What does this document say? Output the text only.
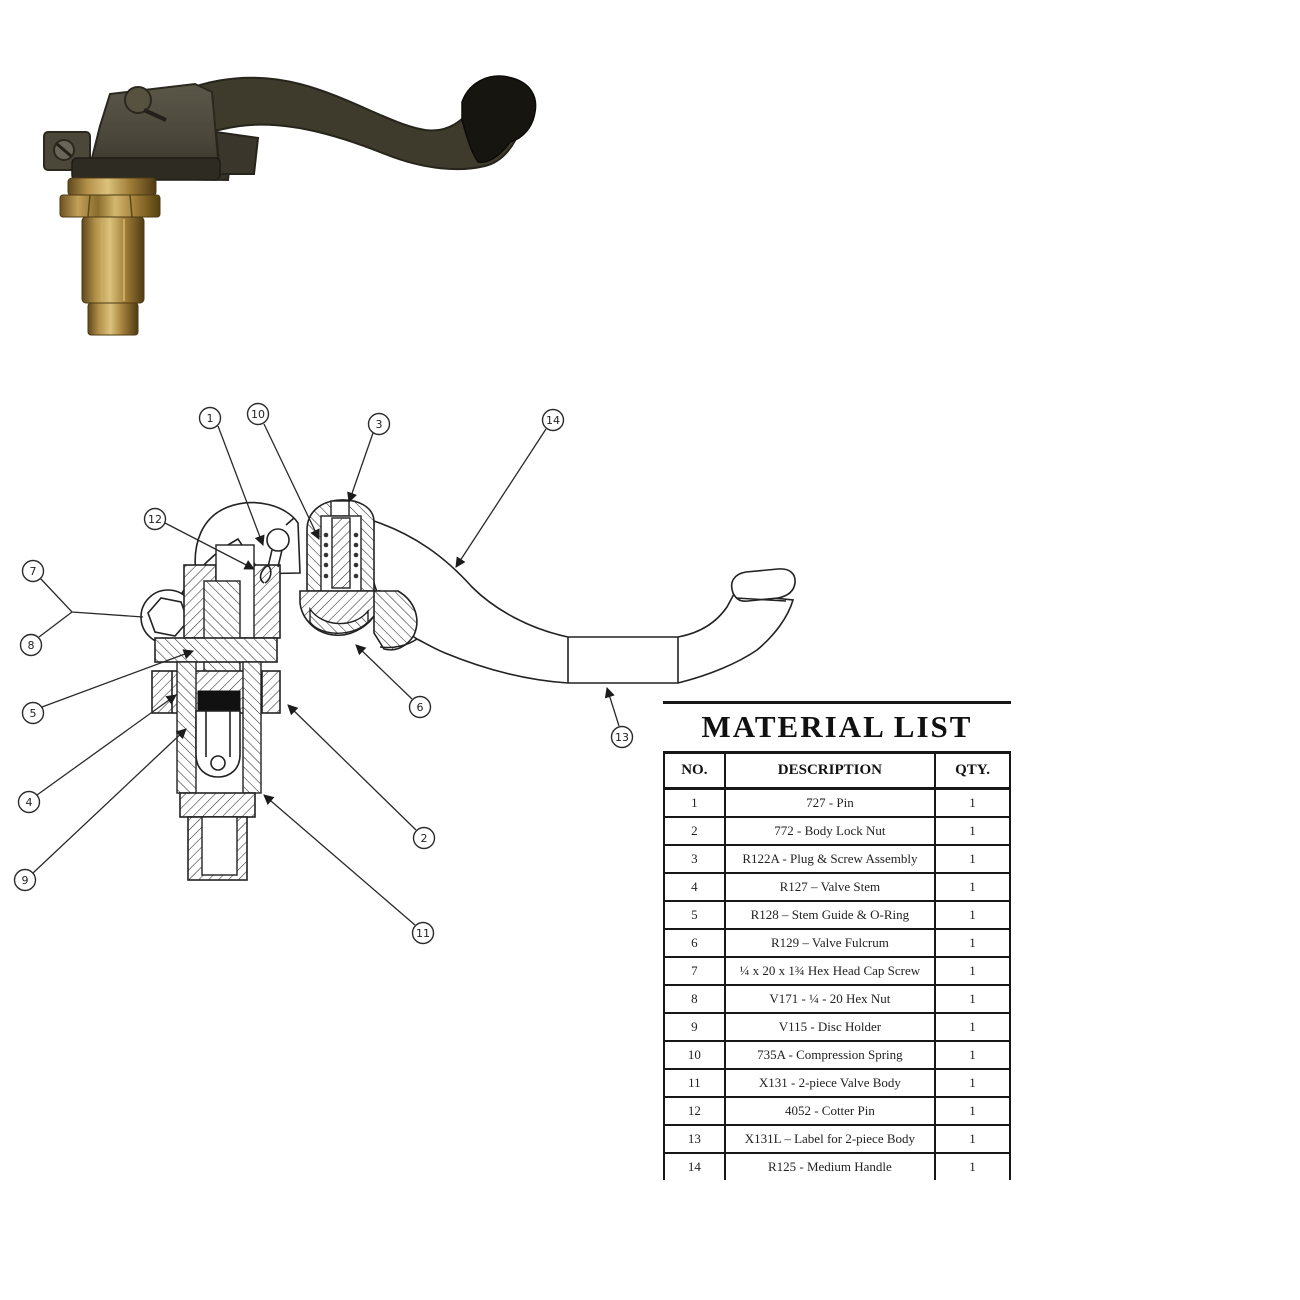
1	10
3	14
12
7
8
5
4
9
6
2
13
11
MATERIAL LIST
NO.	DESCRIPTION	QTY.
1	727 - Pin	1
2	772 - Body Lock Nut	1
3	R122A - Plug & Screw Assembly	1
4	R127 – Valve Stem	1
5	R128 – Stem Guide & O-Ring	1
6	R129 – Valve Fulcrum	1
7	¼ x 20 x 1¾ Hex Head Cap Screw	1
8	V171 - ¼ - 20 Hex Nut	1
9	V115 - Disc Holder	1
10	735A - Compression Spring	1
11	X131 - 2-piece Valve Body	1
12	4052 - Cotter Pin	1
13	X131L – Label for 2-piece Body	1
14	R125 - Medium Handle	1
